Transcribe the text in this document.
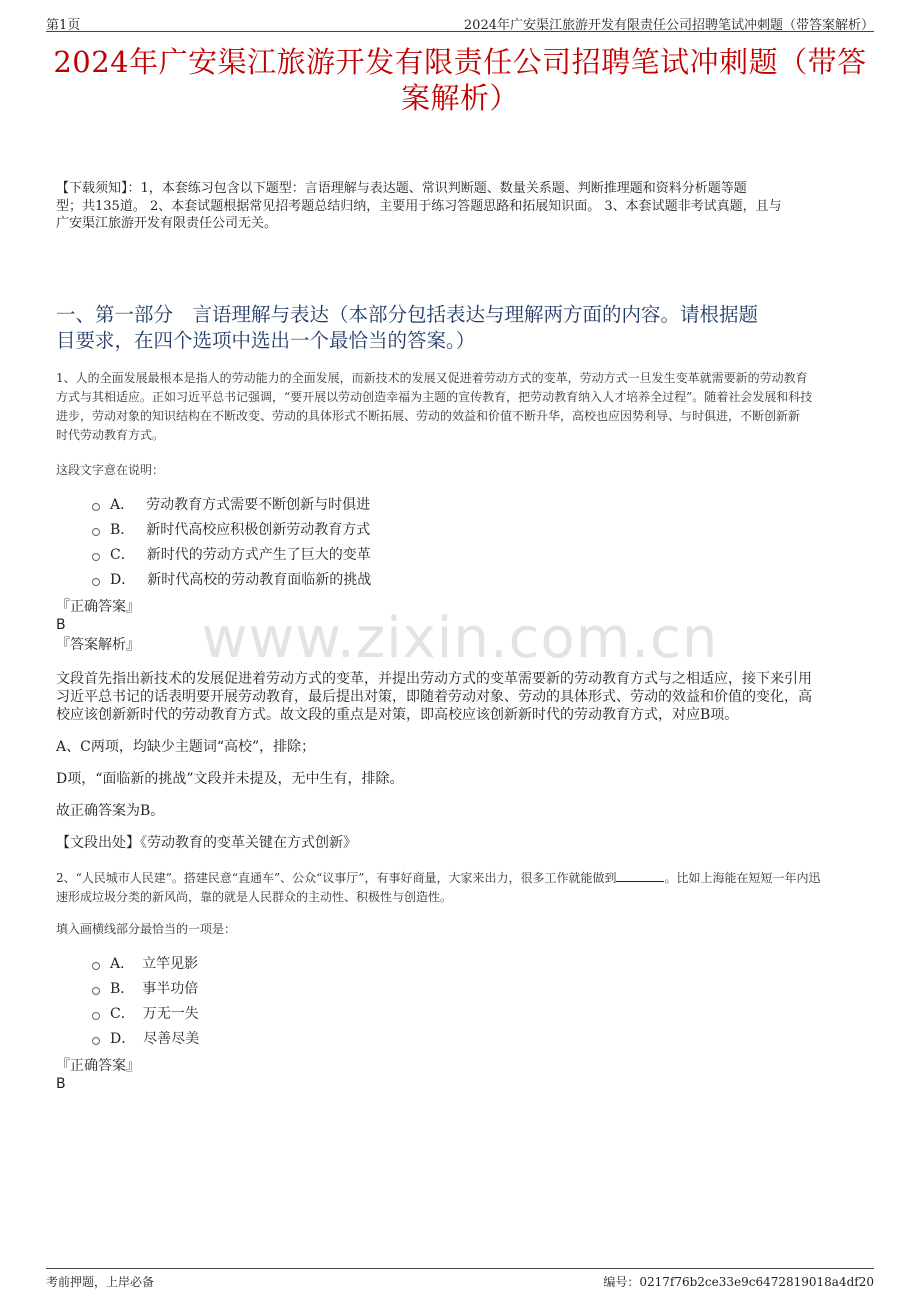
第1页	2024年广安渠江旅游开发有限责任公司招聘笔试冲刺题（带答案解析）
2024年广安渠江旅游开发有限责任公司招聘笔试冲刺题（带答
案解析）
【下载须知】：1，本套练习包含以下题型：言语理解与表达题、常识判断题、数量关系题、判断推理题和资料分析题等题
型；共135道。 2、本套试题根据常见招考题总结归纳，主要用于练习答题思路和拓展知识面。 3、本套试题非考试真题，且与
广安渠江旅游开发有限责任公司无关。
一、第一部分　言语理解与表达（本部分包括表达与理解两方面的内容。请根据题
目要求，在四个选项中选出一个最恰当的答案。）
1、人的全面发展最根本是指人的劳动能力的全面发展，而新技术的发展又促进着劳动方式的变革，劳动方式一旦发生变革就需要新的劳动教育
方式与其相适应。正如习近平总书记强调，“要开展以劳动创造幸福为主题的宣传教育，把劳动教育纳入人才培养全过程”。随着社会发展和科技
进步，劳动对象的知识结构在不断改变、劳动的具体形式不断拓展、劳动的效益和价值不断升华，高校也应因势利导、与时俱进，不断创新新
时代劳动教育方式。
这段文字意在说明：
A． 劳动教育方式需要不断创新与时俱进
B． 新时代高校应积极创新劳动教育方式
C． 新时代的劳动方式产生了巨大的变革
D． 新时代高校的劳动教育面临新的挑战
『正确答案』
B
『答案解析』	www.zixin.com.cn
文段首先指出新技术的发展促进着劳动方式的变革，并提出劳动方式的变革需要新的劳动教育方式与之相适应，接下来引用
习近平总书记的话表明要开展劳动教育，最后提出对策，即随着劳动对象、劳动的具体形式、劳动的效益和价值的变化，高
校应该创新新时代的劳动教育方式。故文段的重点是对策，即高校应该创新新时代的劳动教育方式，对应B项。
A、C两项，均缺少主题词“高校”，排除；
D项，“面临新的挑战”文段并未提及，无中生有，排除。
故正确答案为B。
【文段出处】《劳动教育的变革关键在方式创新》
2、“人民城市人民建”。搭建民意“直通车”、公众“议事厅”，有事好商量，大家来出力，很多工作就能做到	。比如上海能在短短一年内迅
速形成垃圾分类的新风尚，靠的就是人民群众的主动性、积极性与创造性。
填入画横线部分最恰当的一项是：
A． 立竿见影
B． 事半功倍
C． 万无一失
D． 尽善尽美
『正确答案』
B
考前押题，上岸必备	编号：0217f76b2ce33e9c6472819018a4df20
